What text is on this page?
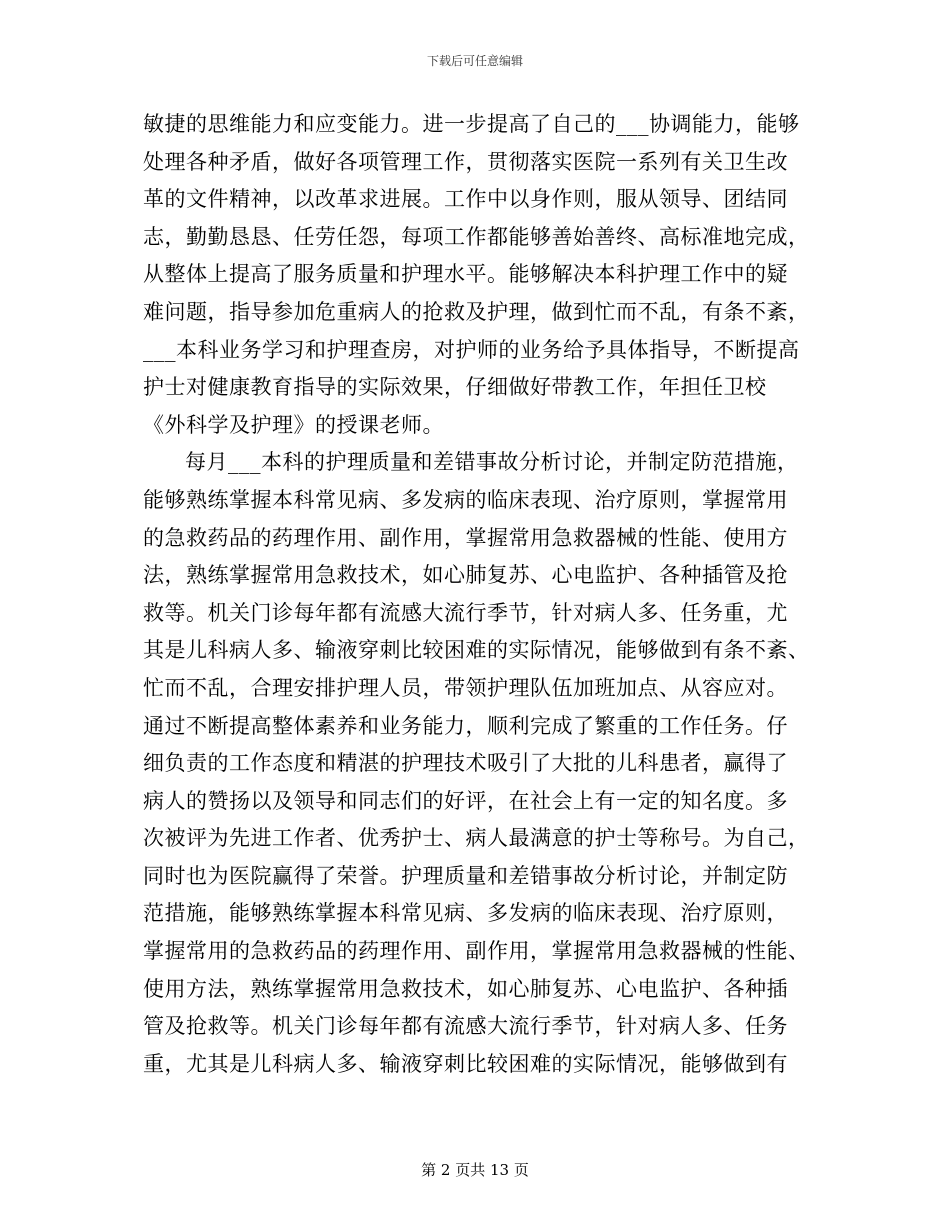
下载后可任意编辑
敏捷的思维能力和应变能力。进一步提高了自己的___协调能力，能够
处理各种矛盾，做好各项管理工作，贯彻落实医院一系列有关卫生改
革的文件精神，以改革求进展。工作中以身作则，服从领导、团结同
志，勤勤恳恳、任劳任怨，每项工作都能够善始善终、高标准地完成，
从整体上提高了服务质量和护理水平。能够解决本科护理工作中的疑
难问题，指导参加危重病人的抢救及护理，做到忙而不乱，有条不紊，
___本科业务学习和护理查房，对护师的业务给予具体指导，不断提高
护士对健康教育指导的实际效果，仔细做好带教工作，年担任卫校
《外科学及护理》的授课老师。
每月___本科的护理质量和差错事故分析讨论，并制定防范措施，
能够熟练掌握本科常见病、多发病的临床表现、治疗原则，掌握常用
的急救药品的药理作用、副作用，掌握常用急救器械的性能、使用方
法，熟练掌握常用急救技术，如心肺复苏、心电监护、各种插管及抢
救等。机关门诊每年都有流感大流行季节，针对病人多、任务重，尤
其是儿科病人多、输液穿刺比较困难的实际情况，能够做到有条不紊、
忙而不乱，合理安排护理人员，带领护理队伍加班加点、从容应对。
通过不断提高整体素养和业务能力，顺利完成了繁重的工作任务。仔
细负责的工作态度和精湛的护理技术吸引了大批的儿科患者，赢得了
病人的赞扬以及领导和同志们的好评，在社会上有一定的知名度。多
次被评为先进工作者、优秀护士、病人最满意的护士等称号。为自己，
同时也为医院赢得了荣誉。护理质量和差错事故分析讨论，并制定防
范措施，能够熟练掌握本科常见病、多发病的临床表现、治疗原则，
掌握常用的急救药品的药理作用、副作用，掌握常用急救器械的性能、
使用方法，熟练掌握常用急救技术，如心肺复苏、心电监护、各种插
管及抢救等。机关门诊每年都有流感大流行季节，针对病人多、任务
重，尤其是儿科病人多、输液穿刺比较困难的实际情况，能够做到有
第 2 页共 13 页
